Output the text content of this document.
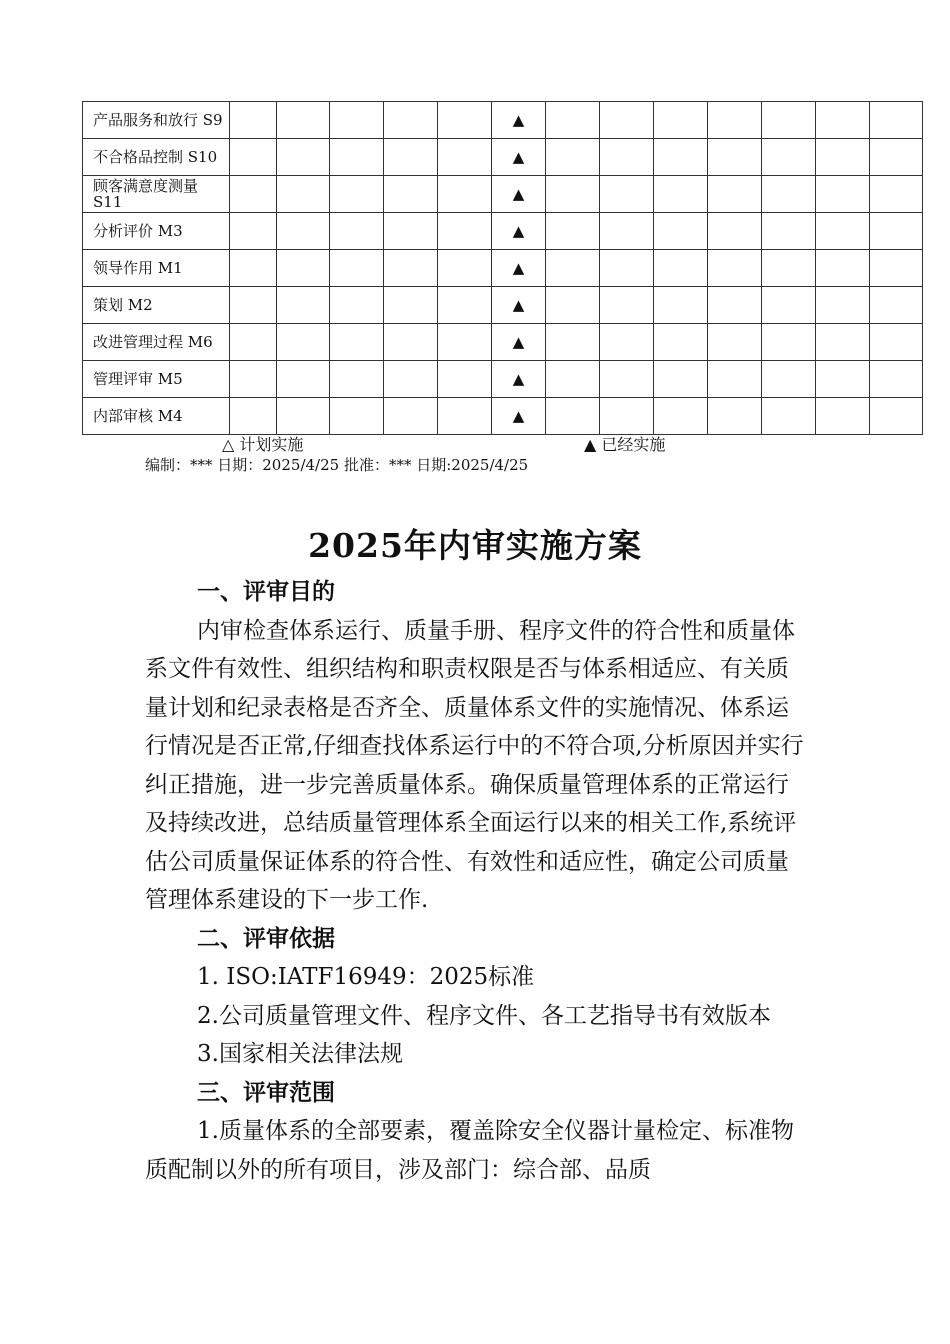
产品服务和放行 S9						▲							
不合格品控制 S10						▲							
顾客满意度测量 S11						▲							
分析评价 M3						▲							
领导作用 M1						▲							
策划 M2						▲							
改进管理过程 M6						▲							
管理评审 M5						▲							
内部审核 M4						▲							
△ 计划实施	▲ 已经实施
编制：*** 日期：2025/4/25 批准：*** 日期:2025/4/25
2025年内审实施方案

一、评审目的

内审检查体系运行、质量手册、程序文件的符合性和质量体系文件有效性、组织结构和职责权限是否与体系相适应、有关质量计划和纪录表格是否齐全、质量体系文件的实施情况、体系运行情况是否正常,仔细查找体系运行中的不符合项,分析原因并实行纠正措施，进一步完善质量体系。确保质量管理体系的正常运行及持续改进，总结质量管理体系全面运行以来的相关工作,系统评估公司质量保证体系的符合性、有效性和适应性，确定公司质量管理体系建设的下一步工作.

二、评审依据

1. ISO:IATF16949：2025标准

2.公司质量管理文件、程序文件、各工艺指导书有效版本

3.国家相关法律法规

三、评审范围

1.质量体系的全部要素，覆盖除安全仪器计量检定、标准物质配制以外的所有项目，涉及部门：综合部、品质
